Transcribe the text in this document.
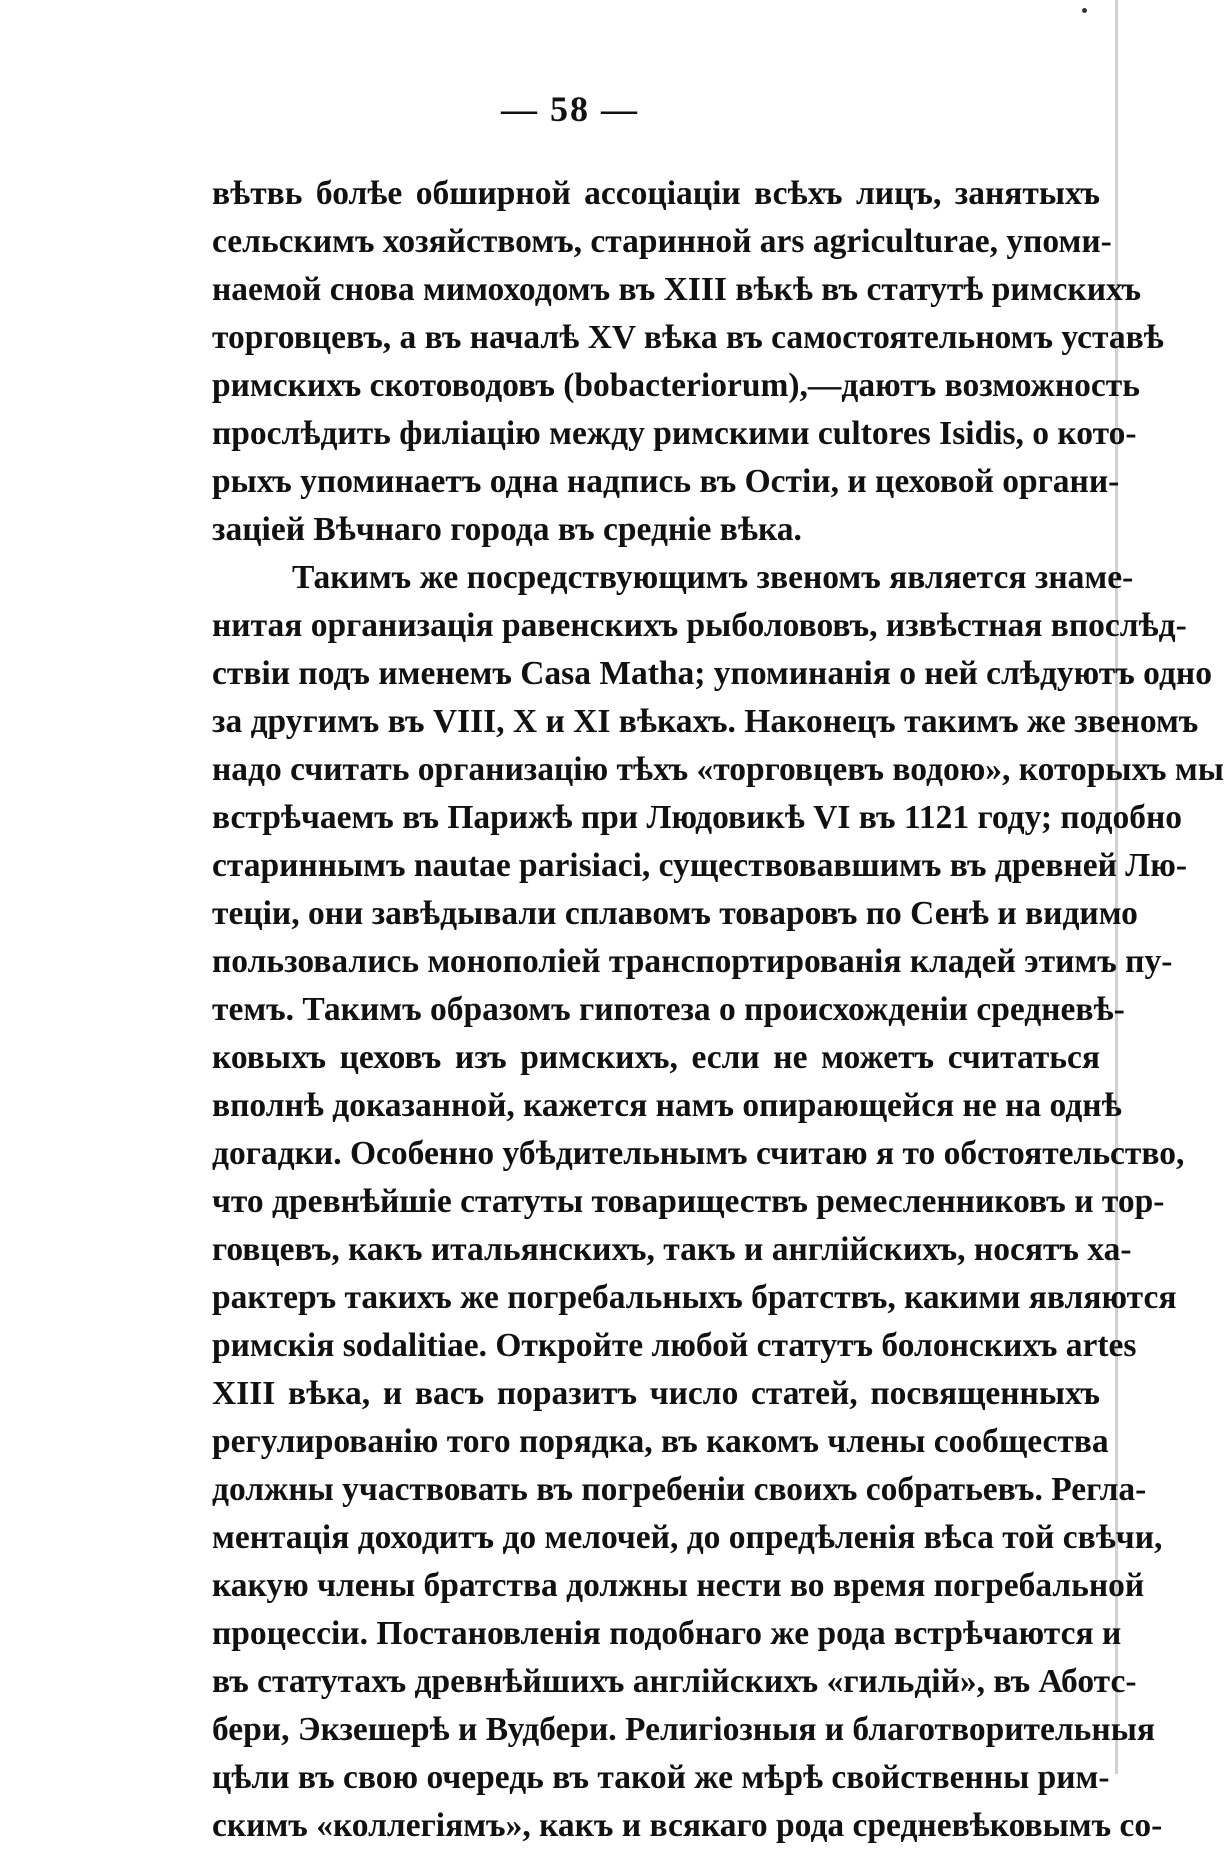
— 58 —
вѣтвь болѣе обширной ассоціаціи всѣхъ лицъ, занятыхъ
сельскимъ хозяйствомъ, старинной ars agriculturae, упоми-
наемой снова мимоходомъ въ XIII вѣкѣ въ статутѣ римскихъ
торговцевъ, а въ началѣ XV вѣка въ самостоятельномъ уставѣ
римскихъ скотоводовъ (bobacteriorum),—даютъ возможность
прослѣдить филіацію между римскими cultores Isidis, о кото-
рыхъ упоминаетъ одна надпись въ Остіи, и цеховой органи-
заціей Вѣчнаго города въ средніе вѣка.
Такимъ же посредствующимъ звеномъ является знаме-
нитая организація равенскихъ рыболововъ, извѣстная впослѣд-
ствіи подъ именемъ Casa Matha; упоминанія о ней слѣдуютъ одно
за другимъ въ VIII, X и XI вѣкахъ. Наконецъ такимъ же звеномъ
надо считать организацію тѣхъ «торговцевъ водою», которыхъ мы
встрѣчаемъ въ Парижѣ при Людовикѣ VI въ 1121 году; подобно
стариннымъ nautae parisiaci, существовавшимъ въ древней Лю-
теціи, они завѣдывали сплавомъ товаровъ по Сенѣ и видимо
пользовались монополіей транспортированія кладей этимъ пу-
темъ. Такимъ образомъ гипотеза о происхожденіи средневѣ-
ковыхъ цеховъ изъ римскихъ, если не можетъ считаться
вполнѣ доказанной, кажется намъ опирающейся не на однѣ
догадки. Особенно убѣдительнымъ считаю я то обстоятельство,
что древнѣйшіе статуты товариществъ ремесленниковъ и тор-
говцевъ, какъ итальянскихъ, такъ и англійскихъ, носятъ ха-
рактеръ такихъ же погребальныхъ братствъ, какими являются
римскія sodalitiae. Откройте любой статутъ болонскихъ artes
XIII вѣка, и васъ поразитъ число статей, посвященныхъ
регулированію того порядка, въ какомъ члены сообщества
должны участвовать въ погребеніи своихъ собратьевъ. Регла-
ментація доходитъ до мелочей, до опредѣленія вѣса той свѣчи,
какую члены братства должны нести во время погребальной
процессіи. Постановленія подобнаго же рода встрѣчаются и
въ статутахъ древнѣйшихъ англійскихъ «гильдій», въ Аботс-
бери, Экзешерѣ и Вудбери. Религіозныя и благотворительныя
цѣли въ свою очередь въ такой же мѣрѣ свойственны рим-
скимъ «коллегіямъ», какъ и всякаго рода средневѣковымъ со-
